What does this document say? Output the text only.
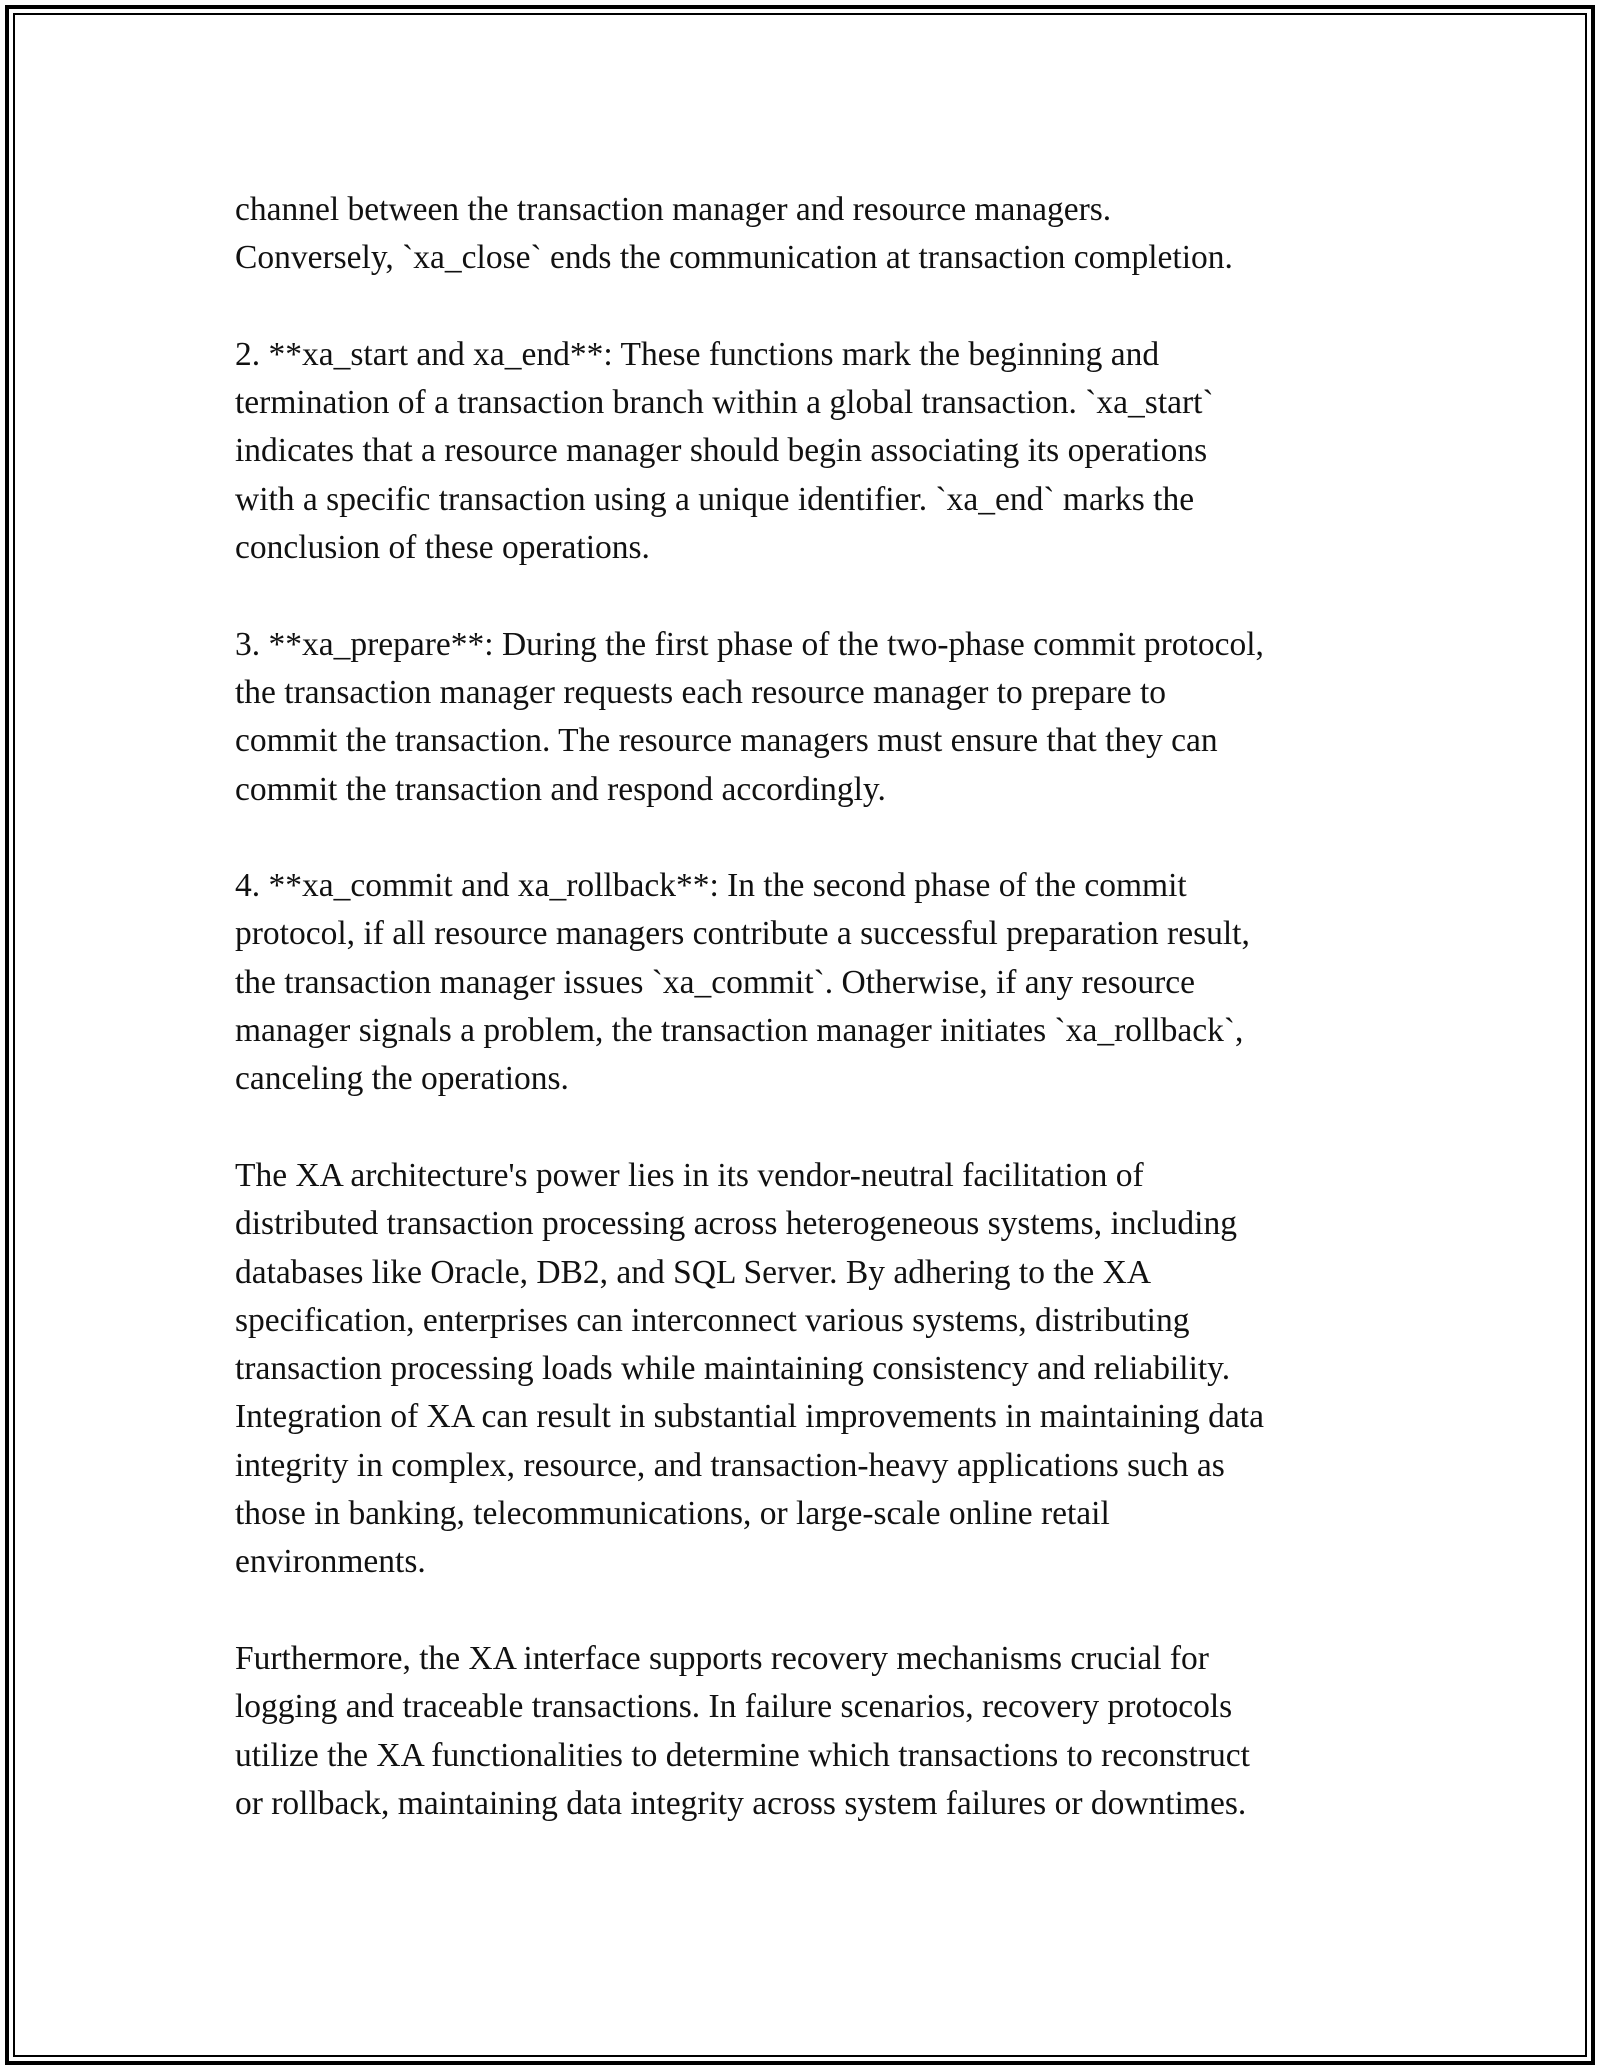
channel between the transaction manager and resource managers.
Conversely, `xa_close` ends the communication at transaction completion.

2. **xa_start and xa_end**: These functions mark the beginning and
termination of a transaction branch within a global transaction. `xa_start`
indicates that a resource manager should begin associating its operations
with a specific transaction using a unique identifier. `xa_end` marks the
conclusion of these operations.

3. **xa_prepare**: During the first phase of the two-phase commit protocol,
the transaction manager requests each resource manager to prepare to
commit the transaction. The resource managers must ensure that they can
commit the transaction and respond accordingly.

4. **xa_commit and xa_rollback**: In the second phase of the commit
protocol, if all resource managers contribute a successful preparation result,
the transaction manager issues `xa_commit`. Otherwise, if any resource
manager signals a problem, the transaction manager initiates `xa_rollback`,
canceling the operations.

The XA architecture's power lies in its vendor-neutral facilitation of
distributed transaction processing across heterogeneous systems, including
databases like Oracle, DB2, and SQL Server. By adhering to the XA
specification, enterprises can interconnect various systems, distributing
transaction processing loads while maintaining consistency and reliability.
Integration of XA can result in substantial improvements in maintaining data
integrity in complex, resource, and transaction-heavy applications such as
those in banking, telecommunications, or large-scale online retail
environments.

Furthermore, the XA interface supports recovery mechanisms crucial for
logging and traceable transactions. In failure scenarios, recovery protocols
utilize the XA functionalities to determine which transactions to reconstruct
or rollback, maintaining data integrity across system failures or downtimes.
